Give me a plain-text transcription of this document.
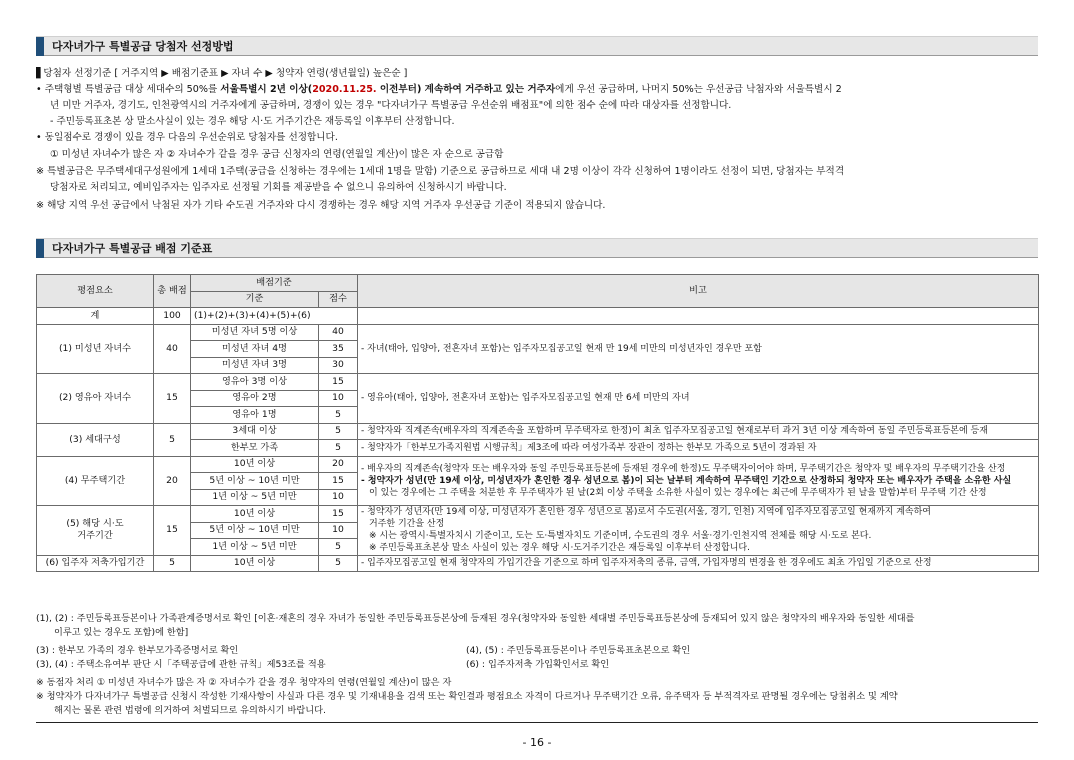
다자녀가구 특별공급 당첨자 선정방법
▋당첨자 선정기준 [ 거주지역 ▶ 배점기준표 ▶ 자녀 수 ▶ 청약자 연령(생년월일) 높은순 ]
• 주택형별 특별공급 대상 세대수의 50%를 서울특별시 2년 이상(2020.11.25. 이전부터) 계속하여 거주하고 있는 거주자에게 우선 공급하며, 나머지 50%는 우선공급 낙첨자와 서울특별시 2
년 미만 거주자, 경기도, 인천광역시의 거주자에게 공급하며, 경쟁이 있는 경우 "다자녀가구 특별공급 우선순위 배점표"에 의한 점수 순에 따라 대상자를 선정합니다.
- 주민등록표초본 상 말소사실이 있는 경우 해당 시·도 거주기간은 재등록일 이후부터 산정합니다.
• 동일점수로 경쟁이 있을 경우 다음의 우선순위로 당첨자를 선정합니다.
① 미성년 자녀수가 많은 자 ② 자녀수가 같을 경우 공급 신청자의 연령(연월일 계산)이 많은 자 순으로 공급함
※ 특별공급은 무주택세대구성원에게 1세대 1주택(공급을 신청하는 경우에는 1세대 1명을 말함) 기준으로 공급하므로 세대 내 2명 이상이 각각 신청하여 1명이라도 선정이 되면, 당첨자는 부적격
당첨자로 처리되고, 예비입주자는 입주자로 선정될 기회를 제공받을 수 없으니 유의하여 신청하시기 바랍니다.
※ 해당 지역 우선 공급에서 낙첨된 자가 기타 수도권 거주자와 다시 경쟁하는 경우 해당 지역 거주자 우선공급 기준이 적용되지 않습니다.
다자녀가구 특별공급 배점 기준표
평점요소	총 배점	배점기준		비고
		기준	점수	
계	100	(1)+(2)+(3)+(4)+(5)+(6)		
(1) 미성년 자녀수	40	미성년 자녀 5명 이상	40	- 자녀(태아, 입양아, 전혼자녀 포함)는 입주자모집공고일 현재 만 19세 미만의 미성년자인 경우만 포함

		미성년 자녀 4명	35	
		미성년 자녀 3명	30	
(2) 영유아 자녀수	15	영유아 3명 이상	15	- 영유아(태아, 입양아, 전혼자녀 포함)는 입주자모집공고일 현재 만 6세 미만의 자녀

		영유아 2명	10	
		영유아 1명	5	
(3) 세대구성	5	3세대 이상	5	- 청약자와 직계존속(배우자의 직계존속을 포함하며 무주택자로 한정)이 최초 입주자모집공고일 현재로부터 과거 3년 이상 계속하여 동일 주민등록표등본에 등재

		한부모 가족	5	- 청약자가「한부모가족지원법 시행규칙」제3조에 따라 여성가족부 장관이 정하는 한부모 가족으로 5년이 경과된 자

(4) 무주택기간	20	10년 이상	20	- 배우자의 직계존속(청약자 또는 배우자와 동일 주민등록표등본에 등재된 경우에 한정)도 무주택자이어야 하며, 무주택기간은 청약자 및 배우자의 무주택기간을 산정
- 청약자가 성년(만 19세 이상, 미성년자가 혼인한 경우 성년으로 봄)이 되는 날부터 계속하여 무주택인 기간으로 산정하되 청약자 또는 배우자가 주택을 소유한 사실
이 있는 경우에는 그 주택을 처분한 후 무주택자가 된 날(2회 이상 주택을 소유한 사실이 있는 경우에는 최근에 무주택자가 된 날을 말함)부터 무주택 기간 산정

		5년 이상 ~ 10년 미만	15	
		1년 이상 ~ 5년 미만	10	
(5) 해당 시·도
거주기간	15	10년 이상	15	- 청약자가 성년자(만 19세 이상, 미성년자가 혼인한 경우 성년으로 봄)로서 수도권(서울, 경기, 인천) 지역에 입주자모집공고일 현재까지 계속하여
거주한 기간을 산정
※ 시는 광역시·특별자치시 기준이고, 도는 도·특별자치도 기준이며, 수도권의 경우 서울·경기·인천지역 전체를 해당 시·도로 본다.
※ 주민등록표초본상 말소 사실이 있는 경우 해당 시·도거주기간은 재등록일 이후부터 산정합니다.

		5년 이상 ~ 10년 미만	10	
		1년 이상 ~ 5년 미만	5	
(6) 입주자 저축가입기간	5	10년 이상	5	- 입주자모집공고일 현재 청약자의 가입기간을 기준으로 하며 입주자저축의 종류, 금액, 가입자명의 변경을 한 경우에도 최초 가입일 기준으로 산정
(1), (2) : 주민등록표등본이나 가족관계증명서로 확인 [이혼·재혼의 경우 자녀가 동일한 주민등록표등본상에 등재된 경우(청약자와 동일한 세대별 주민등록표등본상에 등재되어 있지 않은 청약자의 배우자와 동일한 세대를
이루고 있는 경우도 포함)에 한함]
(3) : 한부모 가족의 경우 한부모가족증명서로 확인	(4), (5) : 주민등록표등본이나 주민등록표초본으로 확인
(3), (4) : 주택소유여부 판단 시「주택공급에 관한 규칙」제53조를 적용	(6) : 입주자저축 가입확인서로 확인
※ 동점자 처리 ① 미성년 자녀수가 많은 자 ② 자녀수가 같을 경우 청약자의 연령(연월일 계산)이 많은 자
※ 청약자가 다자녀가구 특별공급 신청시 작성한 기재사항이 사실과 다른 경우 및 기재내용을 검색 또는 확인결과 평점요소 자격이 다르거나 무주택기간 오류, 유주택자 등 부적격자로 판명될 경우에는 당첨취소 및 계약
해지는 물론 관련 법령에 의거하여 처벌되므로 유의하시기 바랍니다.
- 16 -
